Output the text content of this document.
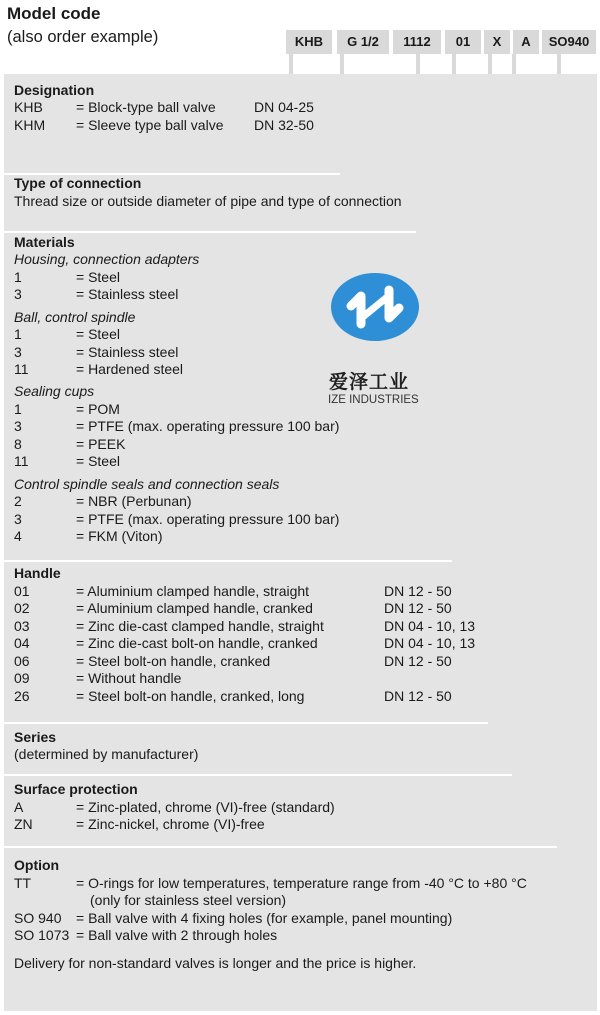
Model code
(also order example)	KHB	G 1/2	1112	01	X	A	SO940
Designation
KHB = Block-type ball valve	DN 04-25
KHM = Sleeve type ball valve DN 32-50
Type of connection
Thread size or outside diameter of pipe and type of connection
Materials
Housing, connection adapters
1	= Steel
3	= Stainless steel
Ball, control spindle
1	= Steel
3	= Stainless steel
11	= Hardened steel
Sealing cups
1	= POM
3	= PTFE (max. operating pressure 100 bar)
8	= PEEK
11	= Steel
Control spindle seals and connection seals
2	= NBR (Perbunan)
3	= PTFE (max. operating pressure 100 bar)
4	= FKM (Viton)
爱泽工业
IZE INDUSTRIES
Handle
01	= Aluminium clamped handle, straight	DN 12 - 50
02	= Aluminium clamped handle, cranked	DN 12 - 50
03	= Zinc die-cast clamped handle, straight	DN 04 - 10, 13
04	= Zinc die-cast bolt-on handle, cranked	DN 04 - 10, 13
06	= Steel bolt-on handle, cranked	DN 12 - 50
09	= Without handle
26	= Steel bolt-on handle, cranked, long	DN 12 - 50
Series
(determined by manufacturer)
Surface protection
A	= Zinc-plated, chrome (VI)-free (standard)
ZN	= Zinc-nickel, chrome (VI)-free
Option
TT	= O-rings for low temperatures, temperature range from -40 °C to +80 °C
(only for stainless steel version)
SO 940 = Ball valve with 4 fixing holes (for example, panel mounting)
SO 1073 = Ball valve with 2 through holes
Delivery for non-standard valves is longer and the price is higher.
